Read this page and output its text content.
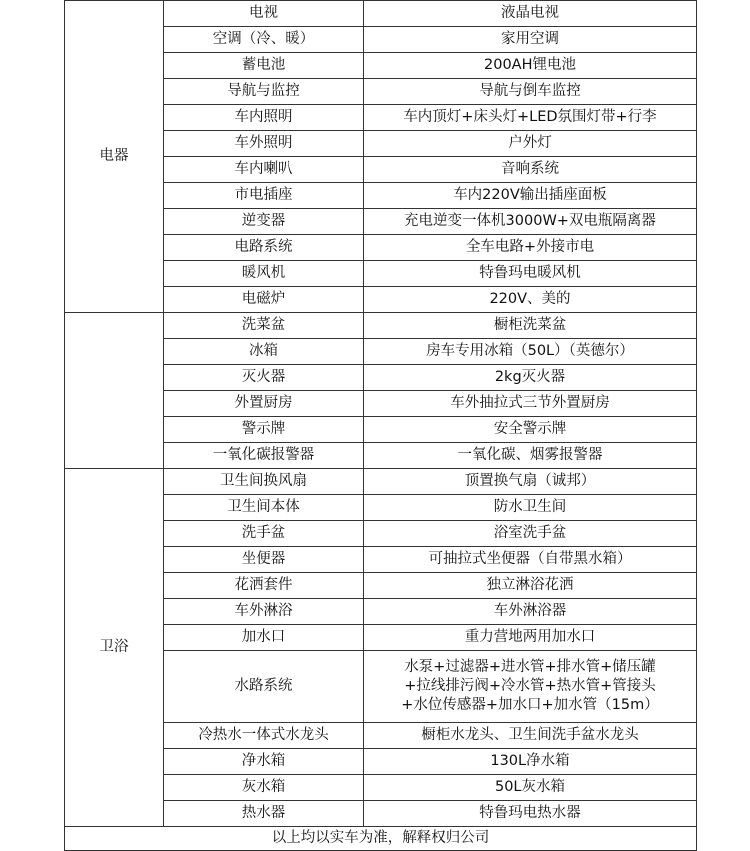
电器	电视	液晶电视
	空调（冷、暖）	家用空调
	蓄电池	200AH锂电池
	导航与监控	导航与倒车监控
	车内照明	车内顶灯+床头灯+LED氛围灯带+行李
	车外照明	户外灯
	车内喇叭	音响系统
	市电插座	车内220V输出插座面板
	逆变器	充电逆变一体机3000W+双电瓶隔离器
	电路系统	全车电路+外接市电
	暖风机	特鲁玛电暖风机
	电磁炉	220V、美的
	洗菜盆	橱柜洗菜盆
	冰箱	房车专用冰箱（50L）（英德尔）
	灭火器	2kg灭火器
	外置厨房	车外抽拉式三节外置厨房
	警示牌	安全警示牌
	一氧化碳报警器	一氧化碳、烟雾报警器
卫浴	卫生间换风扇	顶置换气扇（诚邦）
	卫生间本体	防水卫生间
	洗手盆	浴室洗手盆
	坐便器	可抽拉式坐便器（自带黑水箱）
	花洒套件	独立淋浴花洒
	车外淋浴	车外淋浴器
	加水口	重力营地两用加水口
	水路系统	水泵+过滤器+进水管+排水管+储压罐
+拉线排污阀+冷水管+热水管+管接头
+水位传感器+加水口+加水管（15m）

	冷热水一体式水龙头	橱柜水龙头、卫生间洗手盆水龙头
	净水箱	130L净水箱
	灰水箱	50L灰水箱
	热水器	特鲁玛电热水器
以上均以实车为准，解释权归公司		
